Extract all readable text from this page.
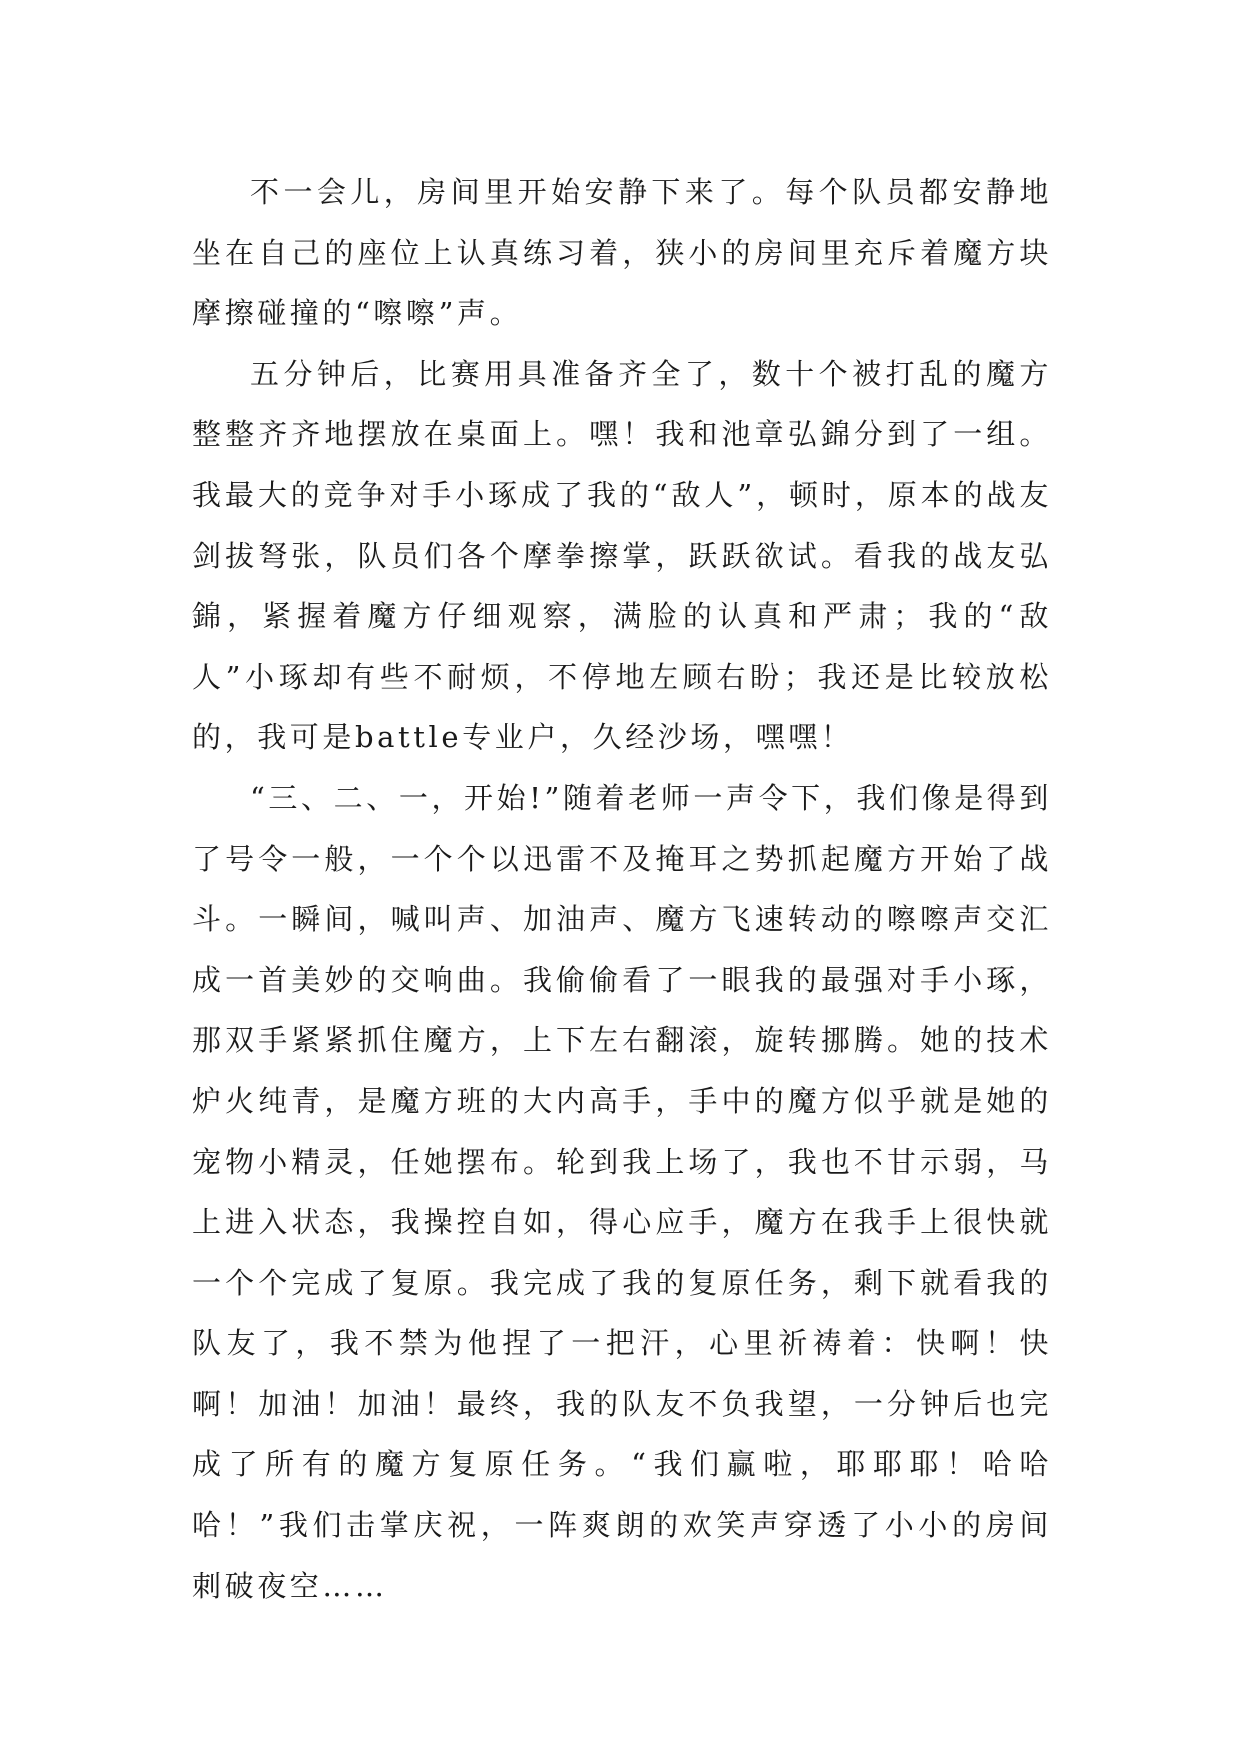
不一会儿，房间里开始安静下来了。每个队员都安静地坐在自己的座位上认真练习着，狭小的房间里充斥着魔方块摩擦碰撞的“嚓嚓”声。

五分钟后，比赛用具准备齐全了，数十个被打乱的魔方整整齐齐地摆放在桌面上。嘿！我和池章弘錦分到了一组。我最大的竞争对手小琢成了我的“敌人”，顿时，原本的战友剑拔弩张，队员们各个摩拳擦掌，跃跃欲试。看我的战友弘錦，紧握着魔方仔细观察，满脸的认真和严肃；我的“敌人”小琢却有些不耐烦，不停地左顾右盼；我还是比较放松的，我可是battle专业户，久经沙场，嘿嘿！

“三、二、一，开始!”随着老师一声令下，我们像是得到了号令一般，一个个以迅雷不及掩耳之势抓起魔方开始了战斗。一瞬间，喊叫声、加油声、魔方飞速转动的嚓嚓声交汇成一首美妙的交响曲。我偷偷看了一眼我的最强对手小琢，那双手紧紧抓住魔方，上下左右翻滚，旋转挪腾。她的技术炉火纯青，是魔方班的大内高手，手中的魔方似乎就是她的宠物小精灵，任她摆布。轮到我上场了，我也不甘示弱，马上进入状态，我操控自如，得心应手，魔方在我手上很快就一个个完成了复原。我完成了我的复原任务，剩下就看我的队友了，我不禁为他捏了一把汗，心里祈祷着：快啊！快啊！加油！加油！最终，我的队友不负我望，一分钟后也完成了所有的魔方复原任务。“我们赢啦，耶耶耶！哈哈哈！”我们击掌庆祝，一阵爽朗的欢笑声穿透了小小的房间刺破夜空……
